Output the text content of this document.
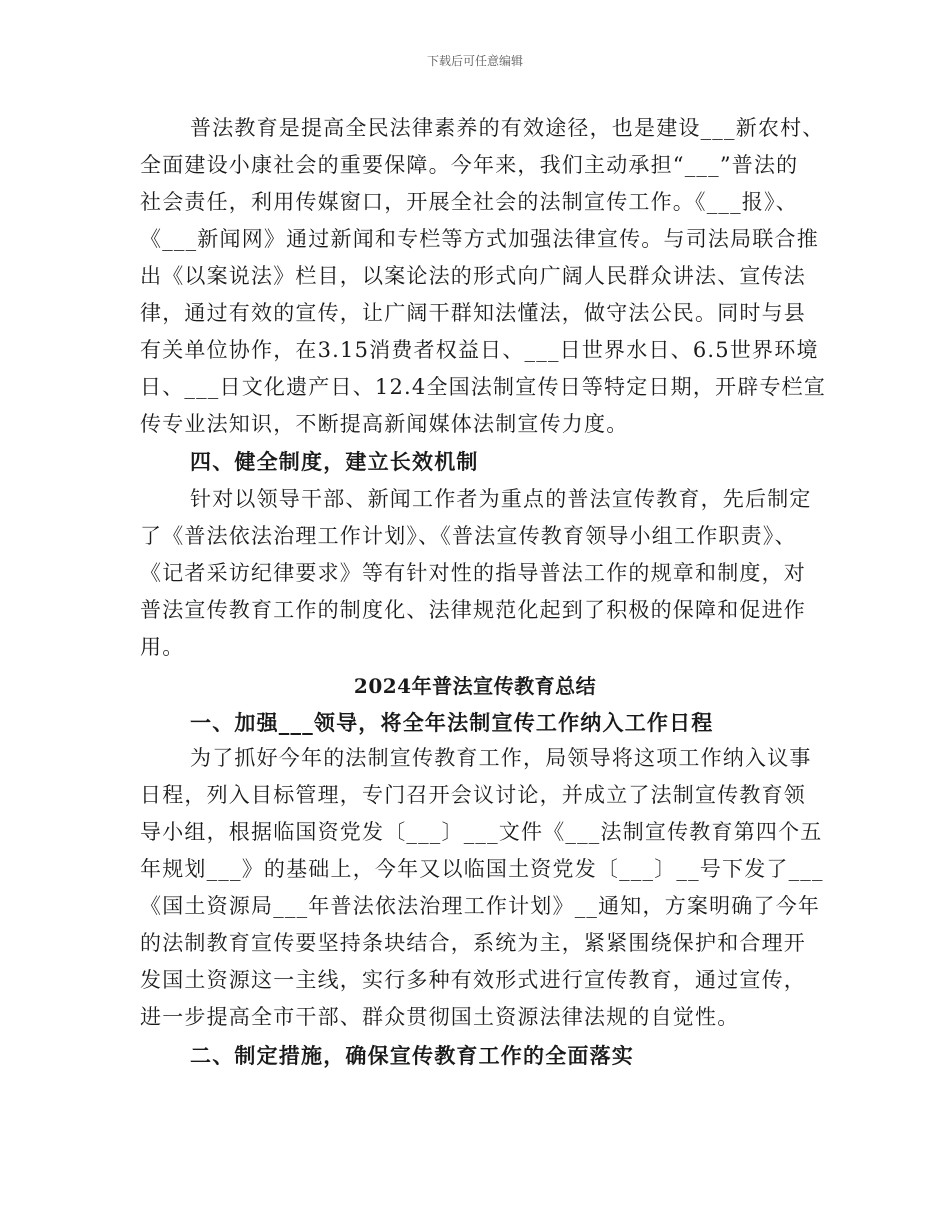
下载后可任意编辑
普法教育是提高全民法律素养的有效途径，也是建设___新农村、
全面建设小康社会的重要保障。今年来，我们主动承担“___”普法的
社会责任，利用传媒窗口，开展全社会的法制宣传工作。《___报》、
《___新闻网》通过新闻和专栏等方式加强法律宣传。与司法局联合推
出《以案说法》栏目，以案论法的形式向广阔人民群众讲法、宣传法
律，通过有效的宣传，让广阔干群知法懂法，做守法公民。同时与县
有关单位协作，在3.15消费者权益日、___日世界水日、6.5世界环境
日、___日文化遗产日、12.4全国法制宣传日等特定日期，开辟专栏宣
传专业法知识，不断提高新闻媒体法制宣传力度。
四、健全制度，建立长效机制
针对以领导干部、新闻工作者为重点的普法宣传教育，先后制定
了《普法依法治理工作计划》、《普法宣传教育领导小组工作职责》、
《记者采访纪律要求》等有针对性的指导普法工作的规章和制度，对
普法宣传教育工作的制度化、法律规范化起到了积极的保障和促进作
用。
2024年普法宣传教育总结
一、加强___领导，将全年法制宣传工作纳入工作日程
为了抓好今年的法制宣传教育工作，局领导将这项工作纳入议事
日程，列入目标管理，专门召开会议讨论，并成立了法制宣传教育领
导小组，根据临国资党发〔___〕___文件《___法制宣传教育第四个五
年规划___》的基础上，今年又以临国土资党发〔___〕__号下发了___
《国土资源局___年普法依法治理工作计划》__通知，方案明确了今年
的法制教育宣传要坚持条块结合，系统为主，紧紧围绕保护和合理开
发国土资源这一主线，实行多种有效形式进行宣传教育，通过宣传，
进一步提高全市干部、群众贯彻国土资源法律法规的自觉性。
二、制定措施，确保宣传教育工作的全面落实
